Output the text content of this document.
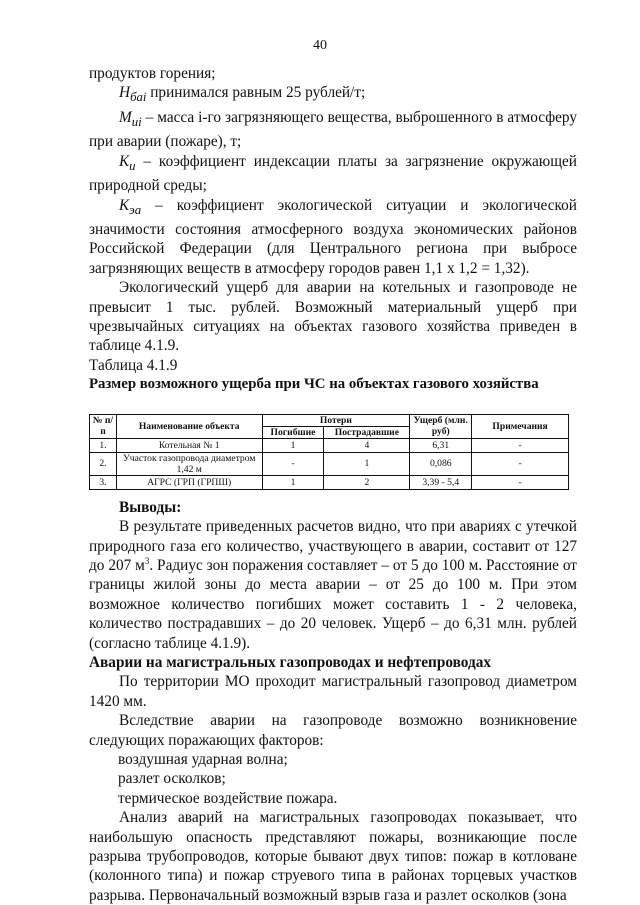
40

продуктов горения;

$Н_{баі}$ принимался равным 25 рублей/т;

$М_{иі}$ – масса i-го загрязняющего вещества, выброшенного в атмосферу при аварии (пожаре), т;

$К_и$ – коэффициент индексации платы за загрязнение окружающей природной среды;

$К_{эа}$ – коэффициент экологической ситуации и экологической значимости состояния атмосферного воздуха экономических районов Российской Федерации (для Центрального региона при выбросе загрязняющих веществ в атмосферу городов равен 1,1 х 1,2 = 1,32).

Экологический ущерб для аварии на котельных и газопроводе не превысит 1 тыс. рублей. Возможный материальный ущерб при чрезвычайных ситуациях на объектах газового хозяйства приведен в таблице 4.1.9.

Таблица 4.1.9

Размер возможного ущерба при ЧС на объектах газового хозяйства

№ п/п	Наименование объекта	Потери		Ущерб (млн. руб)	Примечания
		Погибшие	Пострадавшие		
1.	Котельная № 1	1	4	6,31	-
2.	Участок газопровода диаметром 1,42 м	-	1	0,086	-
3.	АГРС (ГРП (ГРПШ)	1	2	3,39 - 5,4	-

Выводы:

В результате приведенных расчетов видно, что при авариях с утечкой природного газа его количество, участвующего в аварии, составит от 127 до 207 $м^3$. Радиус зон поражения составляет – от 5 до 100 м. Расстояние от границы жилой зоны до места аварии – от 25 до 100 м. При этом возможное количество погибших может составить 1 - 2 человека, количество пострадавших – до 20 человек. Ущерб – до 6,31 млн. рублей (согласно таблице 4.1.9).

Аварии на магистральных газопроводах и нефтепроводах

По территории МО проходит магистральный газопровод диаметром 1420 мм.

Вследствие аварии на газопроводе возможно возникновение следующих поражающих факторов:

воздушная ударная волна;

разлет осколков;

термическое воздействие пожара.

Анализ аварий на магистральных газопроводах показывает, что наибольшую опасность представляют пожары, возникающие после разрыва трубопроводов, которые бывают двух типов: пожар в котловане (колонного типа) и пожар струевого типа в районах торцевых участков разрыва. Первоначальный возможный взрыв газа и разлет осколков (зона
